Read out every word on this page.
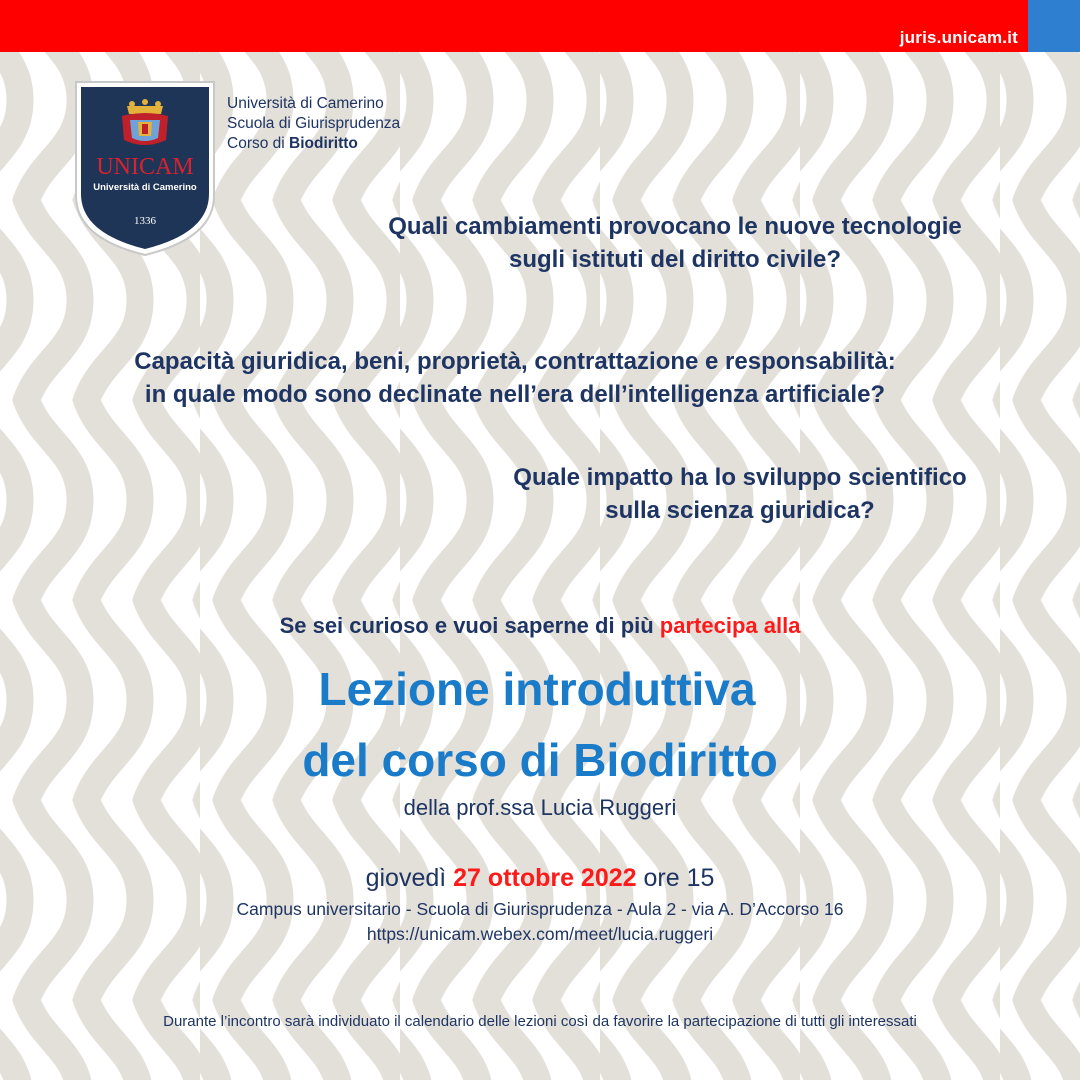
juris.unicam.it
UNICAM
Università di Camerino
1336
Università di Camerino
Scuola di Giurisprudenza
Corso di Biodiritto
Quali cambiamenti provocano le nuove tecnologie
sugli istituti del diritto civile?
Capacità giuridica, beni, proprietà, contrattazione e responsabilità:
in quale modo sono declinate nell’era dell’intelligenza artificiale?
Quale impatto ha lo sviluppo scientifico
sulla scienza giuridica?
Se sei curioso e vuoi saperne di più partecipa alla
Lezione introduttiva
del corso di Biodiritto
della prof.ssa Lucia Ruggeri
giovedì 27 ottobre 2022 ore 15
Campus universitario - Scuola di Giurisprudenza - Aula 2 - via A. D’Accorso 16
https://unicam.webex.com/meet/lucia.ruggeri
Durante l’incontro sarà individuato il calendario delle lezioni così da favorire la partecipazione di tutti gli interessati
